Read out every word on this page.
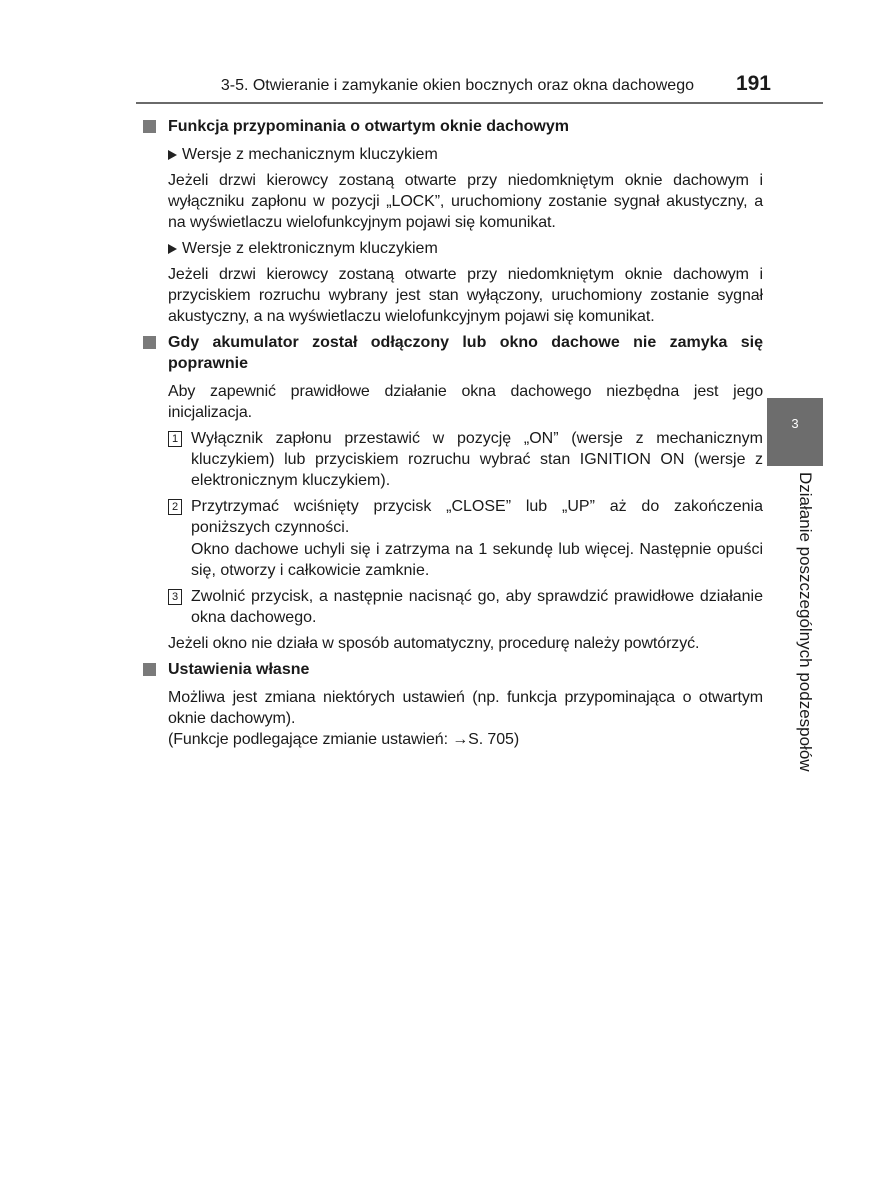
3-5. Otwieranie i zamykanie okien bocznych oraz okna dachowego 191
Funkcja przypominania o otwartym oknie dachowym
Wersje z mechanicznym kluczykiem
Jeżeli drzwi kierowcy zostaną otwarte przy niedomkniętym oknie dachowym i wyłączniku zapłonu w pozycji „LOCK”, uruchomiony zostanie sygnał akustyczny, a na wyświetlaczu wielofunkcyjnym pojawi się komunikat.
Wersje z elektronicznym kluczykiem
Jeżeli drzwi kierowcy zostaną otwarte przy niedomkniętym oknie dachowym i przyciskiem rozruchu wybrany jest stan wyłączony, uruchomiony zostanie sygnał akustyczny, a na wyświetlaczu wielofunkcyjnym pojawi się komunikat.
Gdy akumulator został odłączony lub okno dachowe nie zamyka się poprawnie
Aby zapewnić prawidłowe działanie okna dachowego niezbędna jest jego inicjalizacja.
1 Wyłącznik zapłonu przestawić w pozycję „ON” (wersje z mechanicznym kluczykiem) lub przyciskiem rozruchu wybrać stan IGNITION ON (wersje z elektronicznym kluczykiem).
2 Przytrzymać wciśnięty przycisk „CLOSE” lub „UP” aż do zakończenia poniższych czynności.
Okno dachowe uchyli się i zatrzyma na 1 sekundę lub więcej. Następnie opuści się, otworzy i całkowicie zamknie.
3 Zwolnić przycisk, a następnie nacisnąć go, aby sprawdzić prawidłowe działanie okna dachowego.
Jeżeli okno nie działa w sposób automatyczny, procedurę należy powtórzyć.
Ustawienia własne
Możliwa jest zmiana niektórych ustawień (np. funkcja przypominająca o otwartym oknie dachowym).
(Funkcje podlegające zmianie ustawień: →S. 705)
3
Działanie poszczególnych podzespołów
